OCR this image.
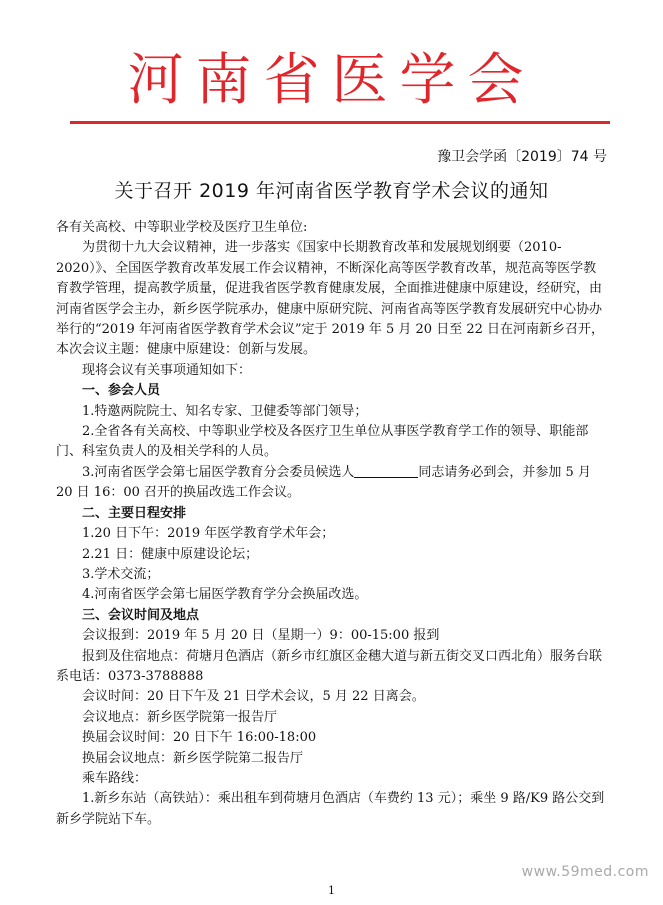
河南省医学会
豫卫会学函〔2019〕74 号
关于召开 2019 年河南省医学教育学术会议的通知

各有关高校、中等职业学校及医疗卫生单位:

为贯彻十九大会议精神，进一步落实《国家中长期教育改革和发展规划纲要（2010-2020）》、全国医学教育改革发展工作会议精神，不断深化高等医学教育改革，规范高等医学教育教学管理，提高教学质量，促进我省医学教育健康发展，全面推进健康中原建设，经研究，由河南省医学会主办，新乡医学院承办，健康中原研究院、河南省高等医学教育发展研究中心协办举行的“2019 年河南省医学教育学术会议”定于 2019 年 5 月 20 日至 22 日在河南新乡召开，本次会议主题：健康中原建设：创新与发展。

现将会议有关事项通知如下：

一、参会人员

1.特邀两院院士、知名专家、卫健委等部门领导；

2.全省各有关高校、中等职业学校及各医疗卫生单位从事医学教育学工作的领导、职能部门、科室负责人的及相关学科的人员。

3.河南省医学会第七届医学教育分会委员候选人	同志请务必到会，并参加 5 月 20 日 16：00 召开的换届改选工作会议。

二、主要日程安排

1.20 日下午：2019 年医学教育学术年会；

2.21 日：健康中原建设论坛；

3.学术交流；

4.河南省医学会第七届医学教育学分会换届改选。

三、会议时间及地点

会议报到：2019 年 5 月 20 日（星期一）9：00-15:00 报到

报到及住宿地点：荷塘月色酒店（新乡市红旗区金穗大道与新五街交叉口西北角）服务台联系电话：0373-3788888

会议时间：20 日下午及 21 日学术会议，5 月 22 日离会。

会议地点：新乡医学院第一报告厅

换届会议时间：20 日下午 16:00-18:00

换届会议地点：新乡医学院第二报告厅

乘车路线：

1.新乡东站（高铁站）：乘出租车到荷塘月色酒店（车费约 13 元）；乘坐 9 路/K9 路公交到新乡学院站下车。

www.59med.com
1
